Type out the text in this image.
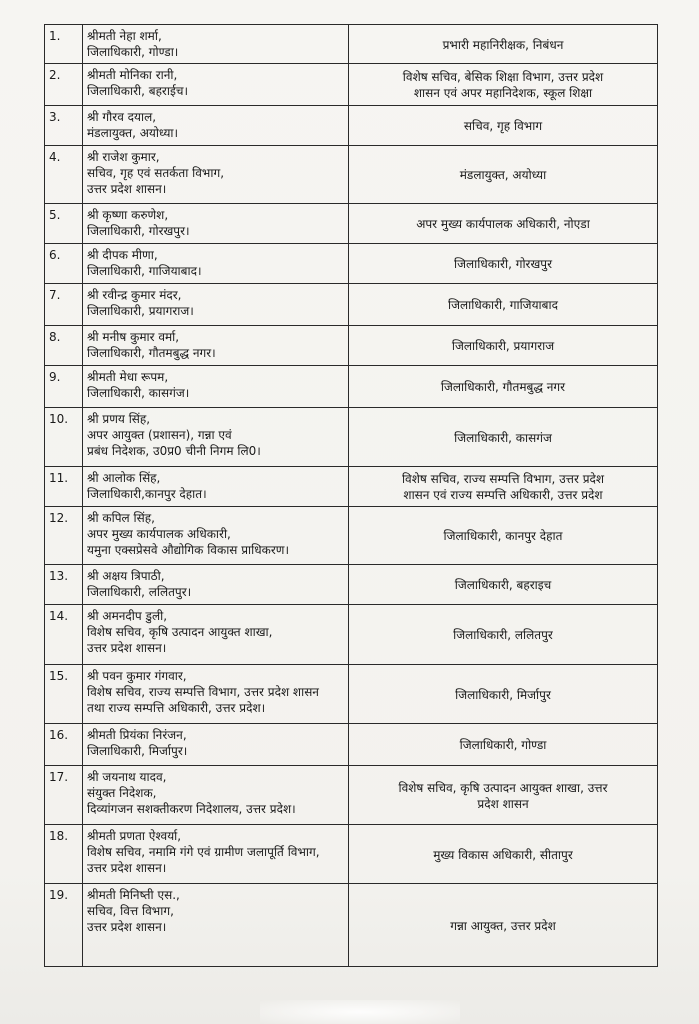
1.	श्रीमती नेहा शर्मा,
जिलाधिकारी, गोण्डा।	प्रभारी महानिरीक्षक, निबंधन

2.	श्रीमती मोनिका रानी,
जिलाधिकारी, बहराईच।	विशेष सचिव, बेसिक शिक्षा विभाग, उत्तर प्रदेश
शासन एवं अपर महानिदेशक, स्कूल शिक्षा

3.	श्री गौरव दयाल,
मंडलायुक्त, अयोध्या।	सचिव, गृह विभाग

4.	श्री राजेश कुमार,
सचिव, गृह एवं सतर्कता विभाग,
उत्तर प्रदेश शासन।	मंडलायुक्त, अयोध्या

5.	श्री कृष्णा करुणेश,
जिलाधिकारी, गोरखपुर।	अपर मुख्य कार्यपालक अधिकारी, नोएडा

6.	श्री दीपक मीणा,
जिलाधिकारी, गाजियाबाद।	जिलाधिकारी, गोरखपुर

7.	श्री रवीन्द्र कुमार मंदर,
जिलाधिकारी, प्रयागराज।	जिलाधिकारी, गाजियाबाद

8.	श्री मनीष कुमार वर्मा,
जिलाधिकारी, गौतमबुद्ध नगर।	जिलाधिकारी, प्रयागराज

9.	श्रीमती मेधा रूपम,
जिलाधिकारी, कासगंज।	जिलाधिकारी, गौतमबुद्ध नगर

10.	श्री प्रणय सिंह,
अपर आयुक्त (प्रशासन), गन्ना एवं
प्रबंध निदेशक, उ0प्र0 चीनी निगम लि0।	जिलाधिकारी, कासगंज

11.	श्री आलोक सिंह,
जिलाधिकारी,कानपुर देहात।	विशेष सचिव, राज्य सम्पत्ति विभाग, उत्तर प्रदेश
शासन एवं राज्य सम्पत्ति अधिकारी, उत्तर प्रदेश

12.	श्री कपिल सिंह,
अपर मुख्य कार्यपालक अधिकारी,
यमुना एक्सप्रेसवे औद्योगिक विकास प्राधिकरण।	जिलाधिकारी, कानपुर देहात

13.	श्री अक्षय त्रिपाठी,
जिलाधिकारी, ललितपुर।	जिलाधिकारी, बहराइच

14.	श्री अमनदीप डुली,
विशेष सचिव, कृषि उत्पादन आयुक्त शाखा,
उत्तर प्रदेश शासन।	जिलाधिकारी, ललितपुर

15.	श्री पवन कुमार गंगवार,
विशेष सचिव, राज्य सम्पत्ति विभाग, उत्तर प्रदेश शासन
तथा राज्य सम्पत्ति अधिकारी, उत्तर प्रदेश।	जिलाधिकारी, मिर्जापुर

16.	श्रीमती प्रियंका निरंजन,
जिलाधिकारी, मिर्जापुर।	जिलाधिकारी, गोण्डा

17.	श्री जयनाथ यादव,
संयुक्त निदेशक,
दिव्यांगजन सशक्तीकरण निदेशालय, उत्तर प्रदेश।	विशेष सचिव, कृषि उत्पादन आयुक्त शाखा, उत्तर
प्रदेश शासन

18.	श्रीमती प्रणता ऐश्वर्या,
विशेष सचिव, नमामि गंगे एवं ग्रामीण जलापूर्ति विभाग,
उत्तर प्रदेश शासन।	मुख्य विकास अधिकारी, सीतापुर

19.	श्रीमती मिनिष्ती एस.,
सचिव, वित्त विभाग,
उत्तर प्रदेश शासन।	गन्ना आयुक्त, उत्तर प्रदेश
